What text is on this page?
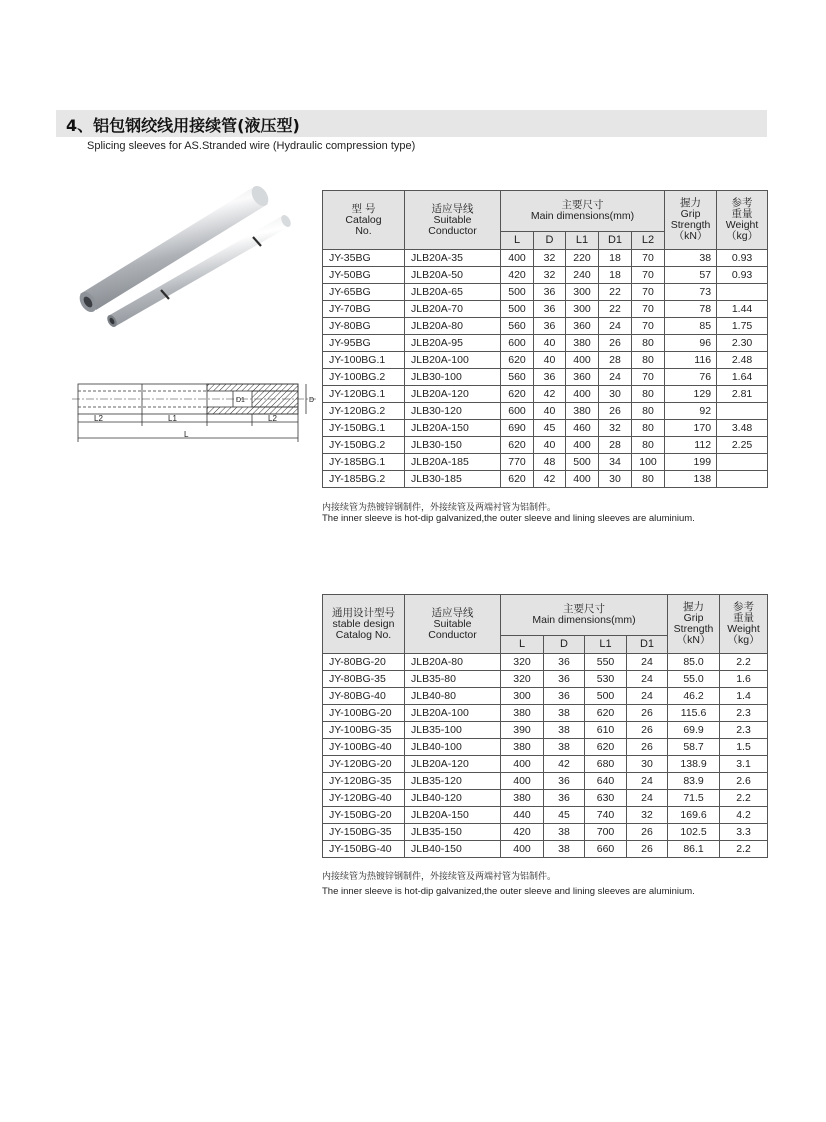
4、铝包钢绞线用接续管(液压型)
Splicing sleeves for AS.Stranded wire (Hydraulic compression type)
L2	L1	L2
L
D1	D
型 号
Catalog
No.	适应导线
Suitable
Conductor	主要尺寸
Main dimensions(mm)					握力
Grip
Strength
（kN）	参考
重量
Weight
（kg）

		L	D	L1	D1	L2		
JY-35BG	JLB20A-35	400	32	220	18	70	38	0.93
JY-50BG	JLB20A-50	420	32	240	18	70	57	0.93
JY-65BG	JLB20A-65	500	36	300	22	70	73	
JY-70BG	JLB20A-70	500	36	300	22	70	78	1.44
JY-80BG	JLB20A-80	560	36	360	24	70	85	1.75
JY-95BG	JLB20A-95	600	40	380	26	80	96	2.30
JY-100BG.1	JLB20A-100	620	40	400	28	80	116	2.48
JY-100BG.2	JLB30-100	560	36	360	24	70	76	1.64
JY-120BG.1	JLB20A-120	620	42	400	30	80	129	2.81
JY-120BG.2	JLB30-120	600	40	380	26	80	92	
JY-150BG.1	JLB20A-150	690	45	460	32	80	170	3.48
JY-150BG.2	JLB30-150	620	40	400	28	80	112	2.25
JY-185BG.1	JLB20A-185	770	48	500	34	100	199	
JY-185BG.2	JLB30-185	620	42	400	30	80	138	
内接续管为热镀锌钢制件，外接续管及两端衬管为铝制件。
The inner sleeve is hot-dip galvanized,the outer sleeve and lining sleeves are aluminium.
通用设计型号
stable design
Catalog No.	适应导线
Suitable
Conductor	主要尺寸
Main dimensions(mm)				握力
Grip
Strength
（kN）	参考
重量
Weight
（kg）

		L	D	L1	D1		
JY-80BG-20	JLB20A-80	320	36	550	24	85.0	2.2
JY-80BG-35	JLB35-80	320	36	530	24	55.0	1.6
JY-80BG-40	JLB40-80	300	36	500	24	46.2	1.4
JY-100BG-20	JLB20A-100	380	38	620	26	115.6	2.3
JY-100BG-35	JLB35-100	390	38	610	26	69.9	2.3
JY-100BG-40	JLB40-100	380	38	620	26	58.7	1.5
JY-120BG-20	JLB20A-120	400	42	680	30	138.9	3.1
JY-120BG-35	JLB35-120	400	36	640	24	83.9	2.6
JY-120BG-40	JLB40-120	380	36	630	24	71.5	2.2
JY-150BG-20	JLB20A-150	440	45	740	32	169.6	4.2
JY-150BG-35	JLB35-150	420	38	700	26	102.5	3.3
JY-150BG-40	JLB40-150	400	38	660	26	86.1	2.2
内接续管为热镀锌钢制件，外接续管及两端衬管为铝制件。
The inner sleeve is hot-dip galvanized,the outer sleeve and lining sleeves are aluminium.
